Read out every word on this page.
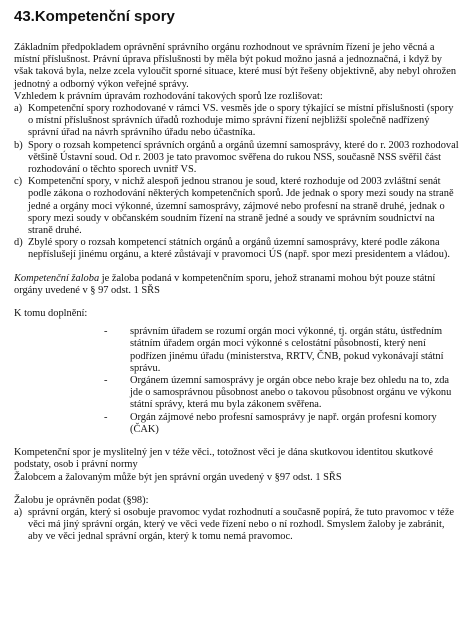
43.Kompetenční spory

Základním předpokladem oprávnění správního orgánu rozhodnout ve správním řízení je jeho věcná a místní příslušnost. Právní úprava příslušnosti by měla být pokud možno jasná a jednoznačná, i když by však taková byla, nelze zcela vyloučit sporné situace, které musí být řešeny objektivně, aby nebyl ohrožen jednotný a odborný výkon veřejné správy.

Vzhledem k právním úpravám rozhodování takových sporů lze rozlišovat:

a) Kompetenční spory rozhodované v rámci VS. vesměs jde o spory týkající se místní příslušnosti (spory o místní příslušnost správních úřadů rozhoduje mimo správní řízení nejbližší společně nadřízený správní úřad na návrh správního úřadu nebo účastníka.
b) Spory o rozsah kompetencí správních orgánů a orgánů územní samosprávy, které do r. 2003 rozhodoval většině Ústavní soud. Od r. 2003 je tato pravomoc svěřena do rukou NSS, současně NSS svěřil část rozhodování o těchto sporech uvnitř VS.
c) Kompetenční spory, v nichž alespoň jednou stranou je soud, které rozhoduje od 2003 zvláštní senát podle zákona o rozhodování některých kompetenčních sporů. Jde jednak o spory mezi soudy na straně jedné a orgány moci výkonné, územní samosprávy, zájmové nebo profesní na straně druhé, jednak o spory mezi soudy v občanském soudním řízení na straně jedné a soudy ve správním soudnictví na straně druhé.
d) Zbylé spory o rozsah kompetencí státních orgánů a orgánů územní samosprávy, které podle zákona nepříslušejí jinému orgánu, a které zůstávají v pravomoci ÚS (např. spor mezi presidentem a vládou).

Kompetenční žaloba je žaloba podaná v kompetenčním sporu, jehož stranami mohou být pouze státní orgány uvedené v § 97 odst. 1 SŘS

K tomu doplnění:

-	správním úřadem se rozumí orgán moci výkonné, tj. orgán státu, ústředním státním úřadem orgán moci výkonné s celostátní působností, který není podřízen jinému úřadu (ministerstva, RRTV, ČNB, pokud vykonávají státní správu.
-	Orgánem územní samosprávy je orgán obce nebo kraje bez ohledu na to, zda jde o samosprávnou působnost anebo o takovou působnost orgánu ve výkonu státní správy, která mu byla zákonem svěřena.
-	Orgán zájmové nebo profesní samosprávy je např. orgán profesní komory (ČAK)

Kompetenční spor je myslitelný jen v téže věci., totožnost věci je dána skutkovou identitou skutkové podstaty, osob i právní normy

Žalobcem a žalovaným může být jen správní orgán uvedený v §97 odst. 1 SŘS

Žalobu je oprávněn podat (§98):

a) správní orgán, který si osobuje pravomoc vydat rozhodnutí a současně popírá, že tuto pravomoc v téže věci má jiný správní orgán, který ve věci vede řízení nebo o ní rozhodl. Smyslem žaloby je zabránit, aby ve věci jednal správní orgán, který k tomu nemá pravomoc.
